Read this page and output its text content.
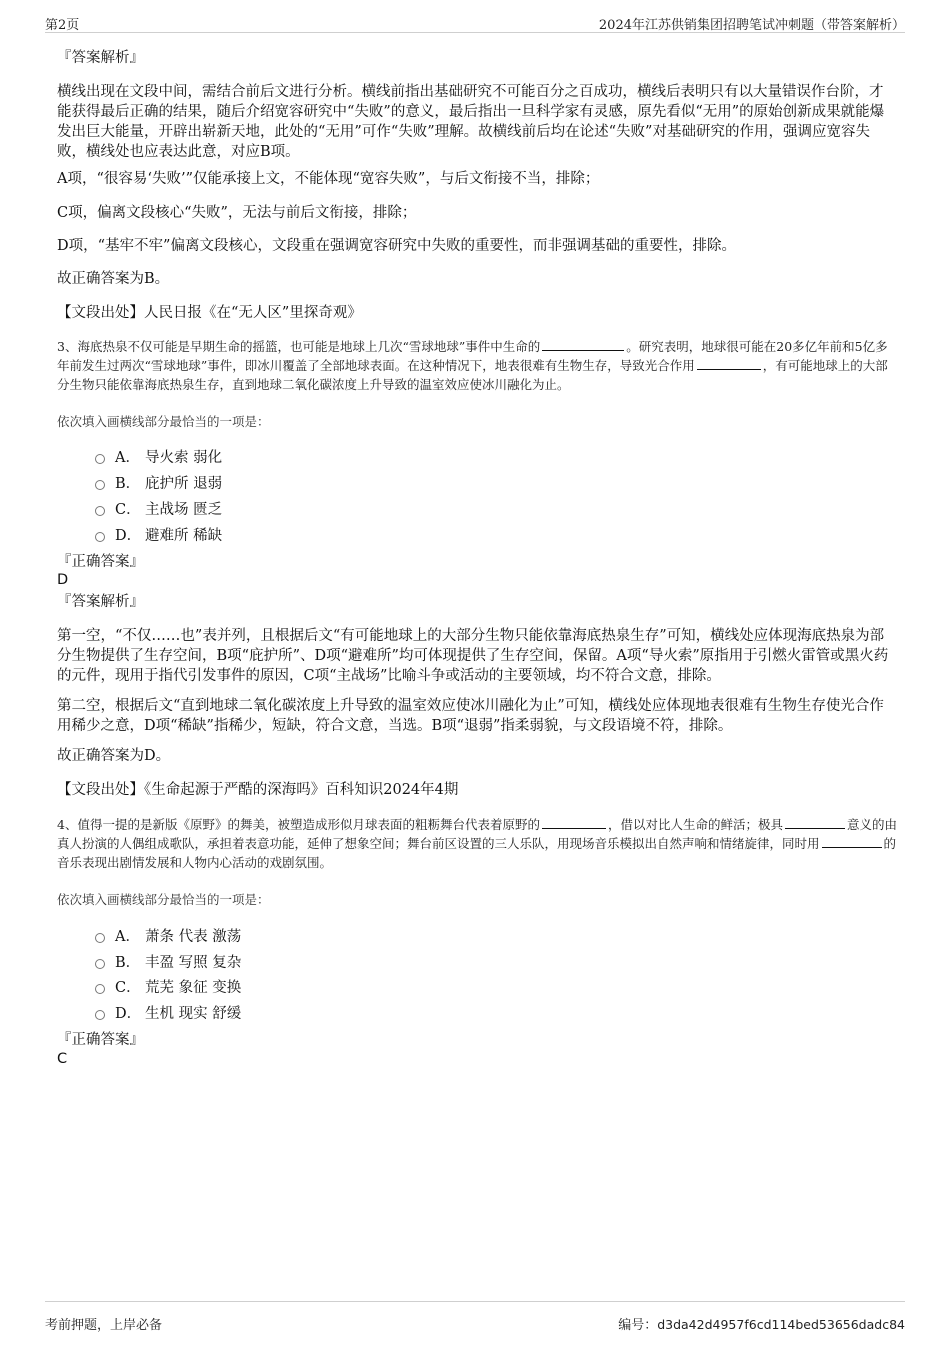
第2页	2024年江苏供销集团招聘笔试冲刺题（带答案解析）
『答案解析』
横线出现在文段中间，需结合前后文进行分析。横线前指出基础研究不可能百分之百成功，横线后表明只有以大量错误作台阶，才能获得最后正确的结果，随后介绍宽容研究中“失败”的意义，最后指出一旦科学家有灵感，原先看似“无用”的原始创新成果就能爆发出巨大能量，开辟出崭新天地，此处的“无用”可作“失败”理解。故横线前后均在论述“失败”对基础研究的作用，强调应宽容失败，横线处也应表达此意，对应B项。
A项，“很容易‘失败’”仅能承接上文，不能体现“宽容失败”，与后文衔接不当，排除；
C项，偏离文段核心“失败”，无法与前后文衔接，排除；
D项，“基牢不牢”偏离文段核心，文段重在强调宽容研究中失败的重要性，而非强调基础的重要性，排除。
故正确答案为B。
【文段出处】人民日报《在“无人区”里探奇观》
3、海底热泉不仅可能是早期生命的摇篮，也可能是地球上几次“雪球地球”事件中生命的	。研究表明，地球很可能在20多亿年前和5亿多年前发生过两次“雪球地球”事件，即冰川覆盖了全部地球表面。在这种情况下，地表很难有生物生存，导致光合作用	，有可能地球上的大部分生物只能依靠海底热泉生存，直到地球二氧化碳浓度上升导致的温室效应使冰川融化为止。
依次填入画横线部分最恰当的一项是：
A． 导火索 弱化
B． 庇护所 退弱
C． 主战场 匮乏
D． 避难所 稀缺
『正确答案』
D
『答案解析』
第一空，“不仅……也”表并列，且根据后文“有可能地球上的大部分生物只能依靠海底热泉生存”可知，横线处应体现海底热泉为部分生物提供了生存空间，B项“庇护所”、D项“避难所”均可体现提供了生存空间，保留。A项“导火索”原指用于引燃火雷管或黑火药的元件，现用于指代引发事件的原因，C项“主战场”比喻斗争或活动的主要领域，均不符合文意，排除。
第二空，根据后文“直到地球二氧化碳浓度上升导致的温室效应使冰川融化为止”可知，横线处应体现地表很难有生物生存使光合作用稀少之意，D项“稀缺”指稀少，短缺，符合文意，当选。B项“退弱”指柔弱貌，与文段语境不符，排除。
故正确答案为D。
【文段出处】《生命起源于严酷的深海吗》百科知识2024年4期
4、值得一提的是新版《原野》的舞美，被塑造成形似月球表面的粗粝舞台代表着原野的	，借以对比人生命的鲜活；极具	意义的由真人扮演的人偶组成歌队，承担着表意功能，延伸了想象空间；舞台前区设置的三人乐队，用现场音乐模拟出自然声响和情绪旋律，同时用	的音乐表现出剧情发展和人物内心活动的戏剧氛围。
依次填入画横线部分最恰当的一项是：
A． 萧条 代表 激荡
B． 丰盈 写照 复杂
C． 荒芜 象征 变换
D． 生机 现实 舒缓
『正确答案』
C
考前押题，上岸必备	编号：d3da42d4957f6cd114bed53656dadc84
